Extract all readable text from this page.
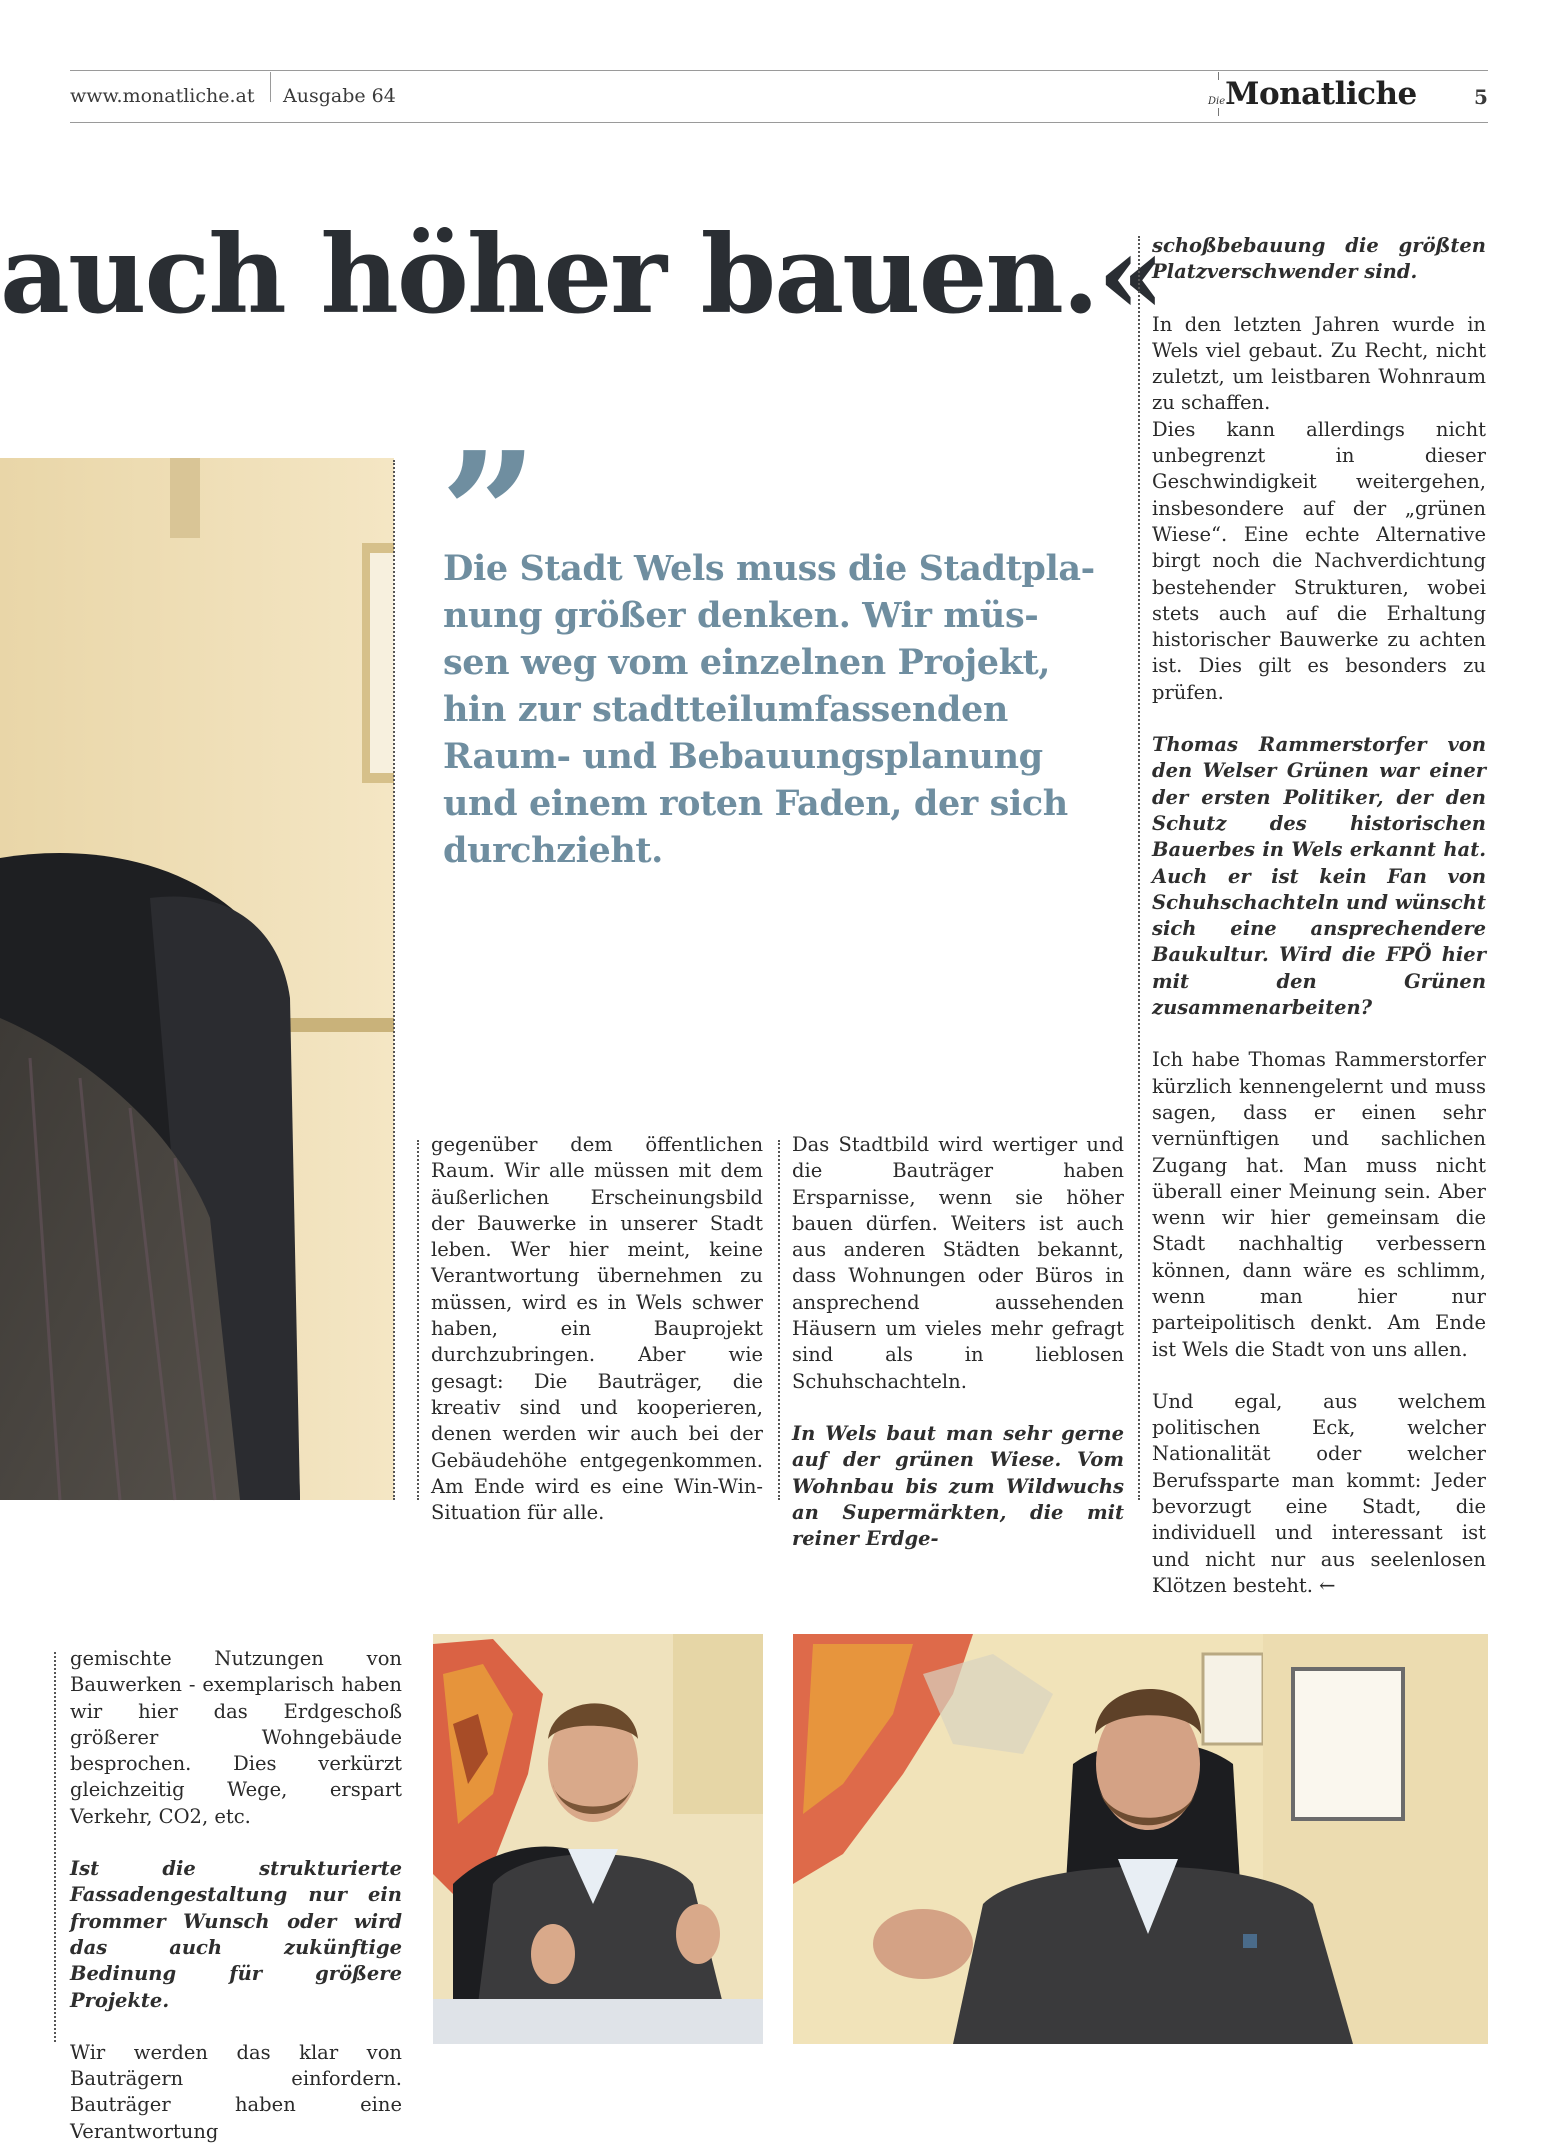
www.monatliche.at Ausgabe 64	DieMonatliche	5
auch höher bauen.«
”
Die Stadt Wels muss die Stadtpla-
nung größer denken. Wir müs-
sen weg vom einzelnen Projekt,
hin zur stadtteilumfassenden
Raum- und Bebauungsplanung
und einem roten Faden, der sich
durchzieht.

gegenüber dem öffentlichen Raum. Wir alle müssen mit dem äußerlichen Erscheinungsbild der Bauwerke in unserer Stadt leben. Wer hier meint, keine Verantwortung übernehmen zu müssen, wird es in Wels schwer haben, ein Bauprojekt durchzubringen. Aber wie gesagt: Die Bauträger, die kreativ sind und kooperieren, denen werden wir auch bei der Gebäudehöhe entgegenkommen. Am Ende wird es eine Win-Win-Situation für alle.

Das Stadtbild wird wertiger und die Bauträger haben Ersparnisse, wenn sie höher bauen dürfen. Weiters ist auch aus anderen Städten bekannt, dass Wohnungen oder Büros in ansprechend aussehenden Häusern um vieles mehr gefragt sind als in lieblosen Schuhschachteln.

In Wels baut man sehr gerne auf der grünen Wiese. Vom Wohnbau bis zum Wildwuchs an Supermärkten, die mit reiner Erdge-

schoßbebauung die größten Platzverschwender sind.

In den letzten Jahren wurde in Wels viel gebaut. Zu Recht, nicht zuletzt, um leistbaren Wohnraum zu schaffen.

Dies kann allerdings nicht unbegrenzt in dieser Geschwindigkeit weitergehen, insbesondere auf der „grünen Wiese“. Eine echte Alternative birgt noch die Nachverdichtung bestehender Strukturen, wobei stets auch auf die Erhaltung historischer Bauwerke zu achten ist. Dies gilt es besonders zu prüfen.

Thomas Rammerstorfer von den Welser Grünen war einer der ersten Politiker, der den Schutz des historischen Bauerbes in Wels erkannt hat. Auch er ist kein Fan von Schuhschachteln und wünscht sich eine ansprechendere Baukultur. Wird die FPÖ hier mit den Grünen zusammenarbeiten?

Ich habe Thomas Rammerstorfer kürzlich kennengelernt und muss sagen, dass er einen sehr vernünftigen und sachlichen Zugang hat. Man muss nicht überall einer Meinung sein. Aber wenn wir hier gemeinsam die Stadt nachhaltig verbessern können, dann wäre es schlimm, wenn man hier nur parteipolitisch denkt. Am Ende ist Wels die Stadt von uns allen.

Und egal, aus welchem politischen Eck, welcher Nationalität oder welcher Berufssparte man kommt: Jeder bevorzugt eine Stadt, die individuell und interessant ist und nicht nur aus seelenlosen Klötzen besteht. ←

gemischte Nutzungen von Bauwerken - exemplarisch haben wir hier das Erdgeschoß größerer Wohngebäude besprochen. Dies verkürzt gleichzeitig Wege, erspart Verkehr, CO2, etc.

Ist die strukturierte Fassadengestaltung nur ein frommer Wunsch oder wird das auch zukünftige Bedinung für größere Projekte.

Wir werden das klar von Bauträgern einfordern. Bauträger haben eine Verantwortung
